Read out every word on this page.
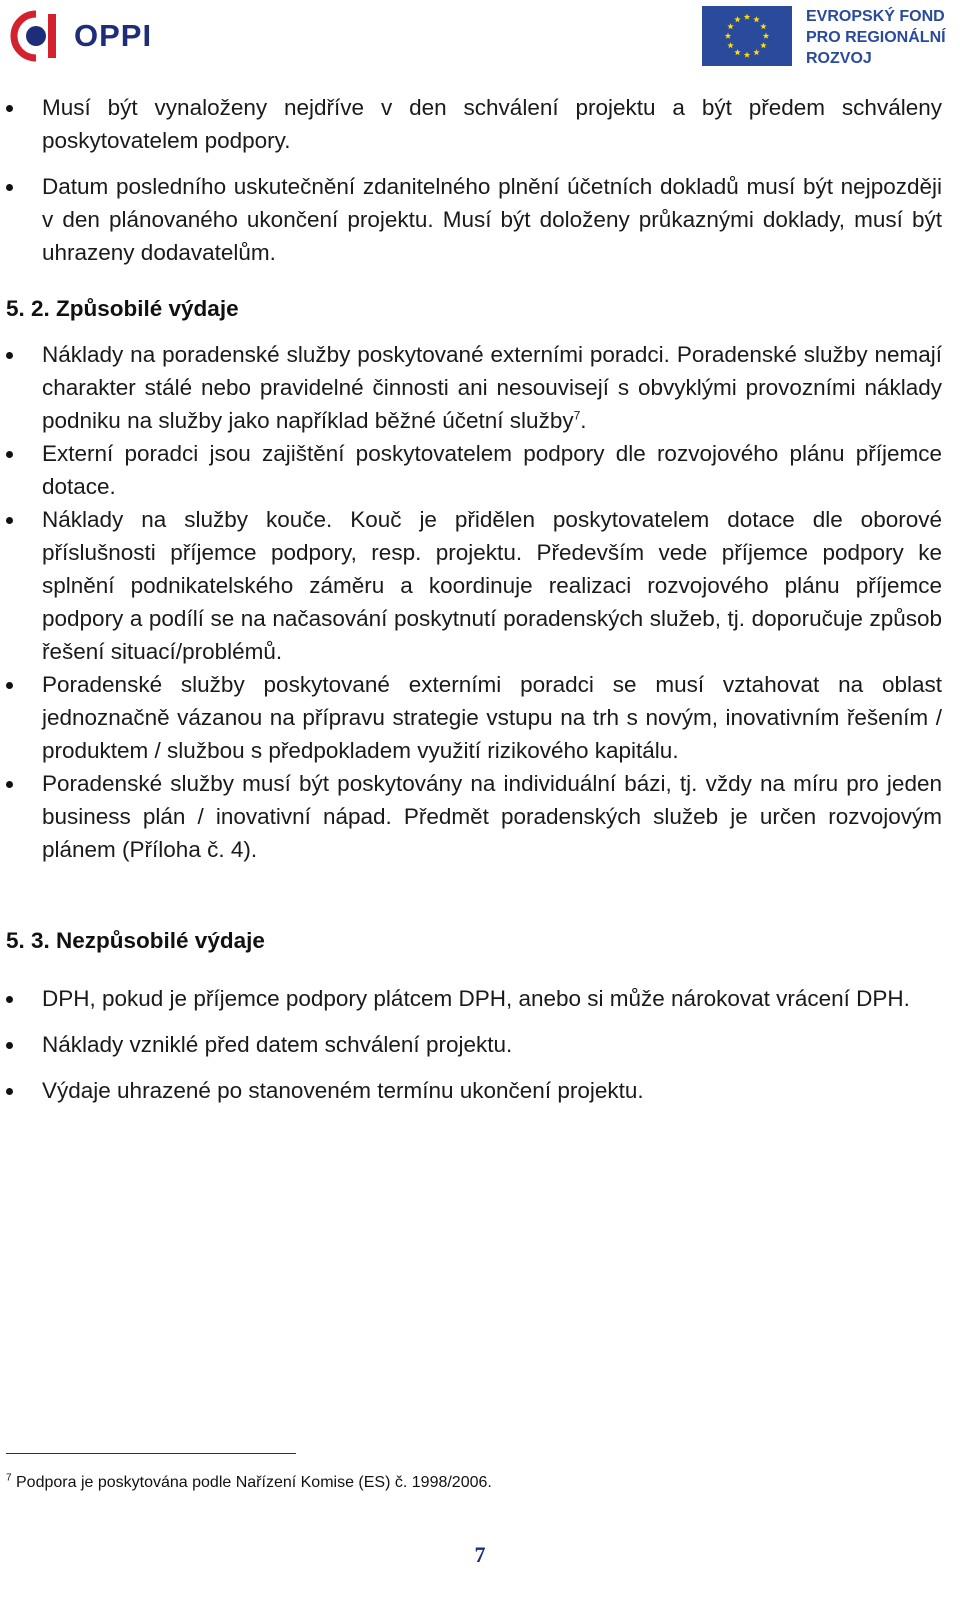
OPPI
EVROPSKÝ FOND
PRO REGIONÁLNÍ
ROZVOJ
Musí být vynaloženy nejdříve v den schválení projektu a být předem schváleny poskytovatelem podpory.
Datum posledního uskutečnění zdanitelného plnění účetních dokladů musí být nejpozději v den plánovaného ukončení projektu. Musí být doloženy průkaznými doklady, musí být uhrazeny dodavatelům.
5. 2. Způsobilé výdaje
Náklady na poradenské služby poskytované externími poradci. Poradenské služby nemají charakter stálé nebo pravidelné činnosti ani nesouvisejí s obvyklými provozními náklady podniku na služby jako například běžné účetní služby$^7$.
Externí poradci jsou zajištění poskytovatelem podpory dle rozvojového plánu příjemce dotace.
Náklady na služby kouče. Kouč je přidělen poskytovatelem dotace dle oborové příslušnosti příjemce podpory, resp. projektu. Především vede příjemce podpory ke splnění podnikatelského záměru a koordinuje realizaci rozvojového plánu příjemce podpory a podílí se na načasování poskytnutí poradenských služeb, tj. doporučuje způsob řešení situací/problémů.
Poradenské služby poskytované externími poradci se musí vztahovat na oblast jednoznačně vázanou na přípravu strategie vstupu na trh s novým, inovativním řešením / produktem / službou s předpokladem využití rizikového kapitálu.
Poradenské služby musí být poskytovány na individuální bázi, tj. vždy na míru pro jeden business plán / inovativní nápad. Předmět poradenských služeb je určen rozvojovým plánem (Příloha č. 4).
5. 3. Nezpůsobilé výdaje
DPH, pokud je příjemce podpory plátcem DPH, anebo si může nárokovat vrácení DPH.
Náklady vzniklé před datem schválení projektu.
Výdaje uhrazené po stanoveném termínu ukončení projektu.
$^7$ Podpora je poskytována podle Nařízení Komise (ES) č. 1998/2006.
7
